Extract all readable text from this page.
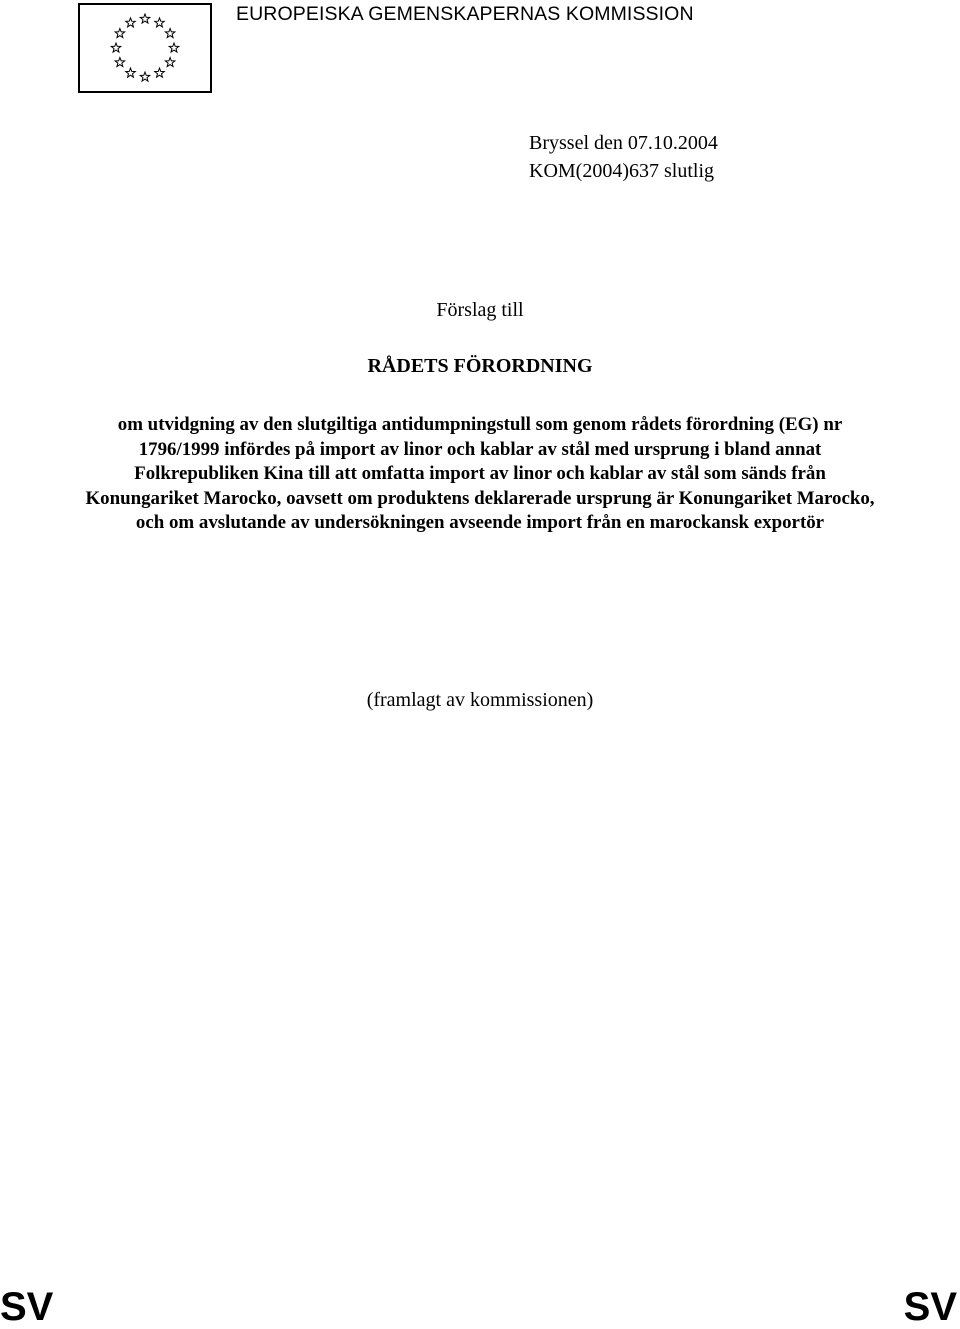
EUROPEISKA GEMENSKAPERNAS KOMMISSION
Bryssel den 07.10.2004
KOM(2004)637 slutlig
Förslag till
RÅDETS FÖRORDNING
om utvidgning av den slutgiltiga antidumpningstull som genom rådets förordning (EG) nr 1796/1999 infördes på import av linor och kablar av stål med ursprung i bland annat Folkrepubliken Kina till att omfatta import av linor och kablar av stål som sänds från Konungariket Marocko, oavsett om produktens deklarerade ursprung är Konungariket Marocko, och om avslutande av undersökningen avseende import från en marockansk exportör
(framlagt av kommissionen)
SV	SV
